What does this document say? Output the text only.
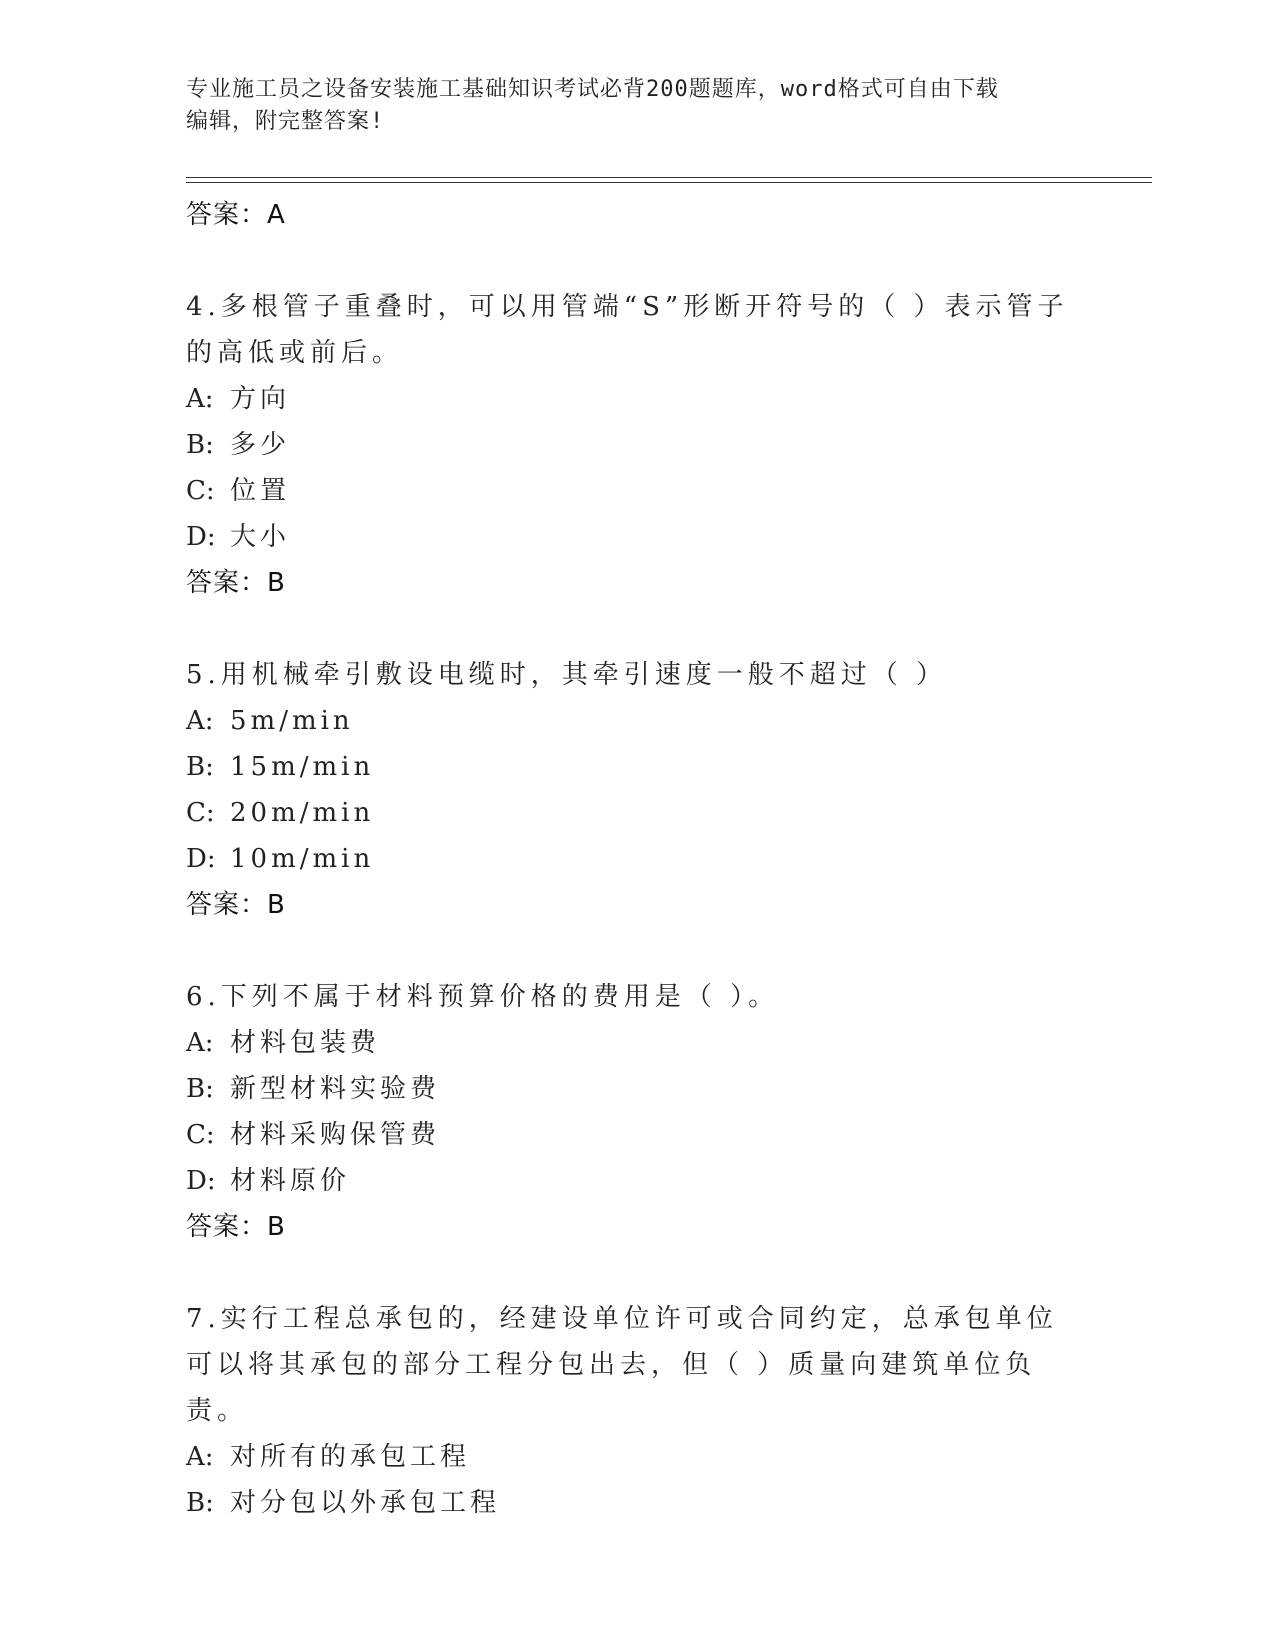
专业施工员之设备安装施工基础知识考试必背200题题库，word格式可自由下载
编辑，附完整答案!
答案：A
4.多根管子重叠时，可以用管端“S”形断开符号的（ ）表示管子的高低或前后。
A: 方向
B: 多少
C: 位置
D: 大小
答案：B
5.用机械牵引敷设电缆时，其牵引速度一般不超过（ ）
A: 5m/min
B: 15m/min
C: 20m/min
D: 10m/min
答案：B
6.下列不属于材料预算价格的费用是（ ）。
A: 材料包装费
B: 新型材料实验费
C: 材料采购保管费
D: 材料原价
答案：B
7.实行工程总承包的，经建设单位许可或合同约定，总承包单位可以将其承包的部分工程分包出去，但（ ）质量向建筑单位负责。
A: 对所有的承包工程
B: 对分包以外承包工程
